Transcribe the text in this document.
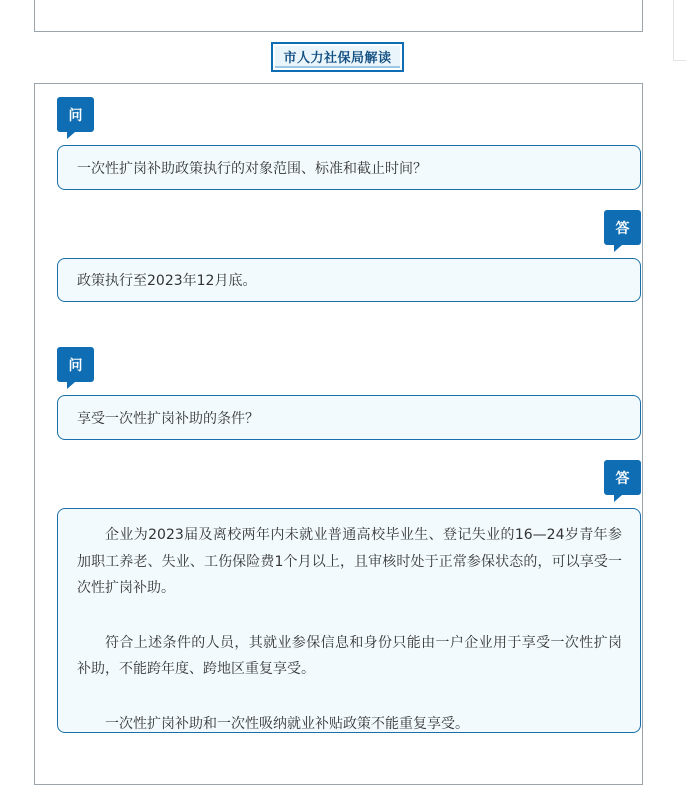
市人力社保局解读
问
一次性扩岗补助政策执行的对象范围、标准和截止时间？
答
政策执行至2023年12月底。
问
享受一次性扩岗补助的条件？
答

企业为2023届及离校两年内未就业普通高校毕业生、登记失业的16—24岁青年参加职工养老、失业、工伤保险费1个月以上，且审核时处于正常参保状态的，可以享受一次性扩岗补助。

符合上述条件的人员，其就业参保信息和身份只能由一户企业用于享受一次性扩岗补助，不能跨年度、跨地区重复享受。

一次性扩岗补助和一次性吸纳就业补贴政策不能重复享受。
